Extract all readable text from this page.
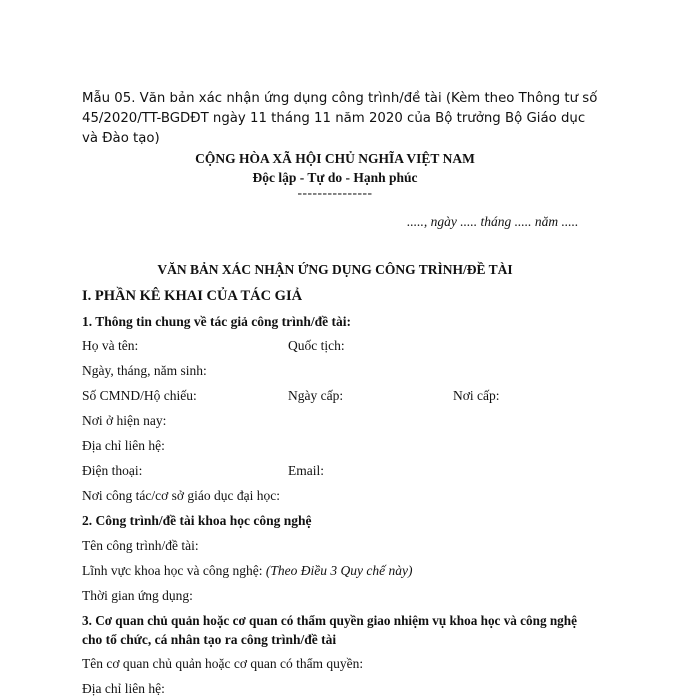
Mẫu 05. Văn bản xác nhận ứng dụng công trình/đề tài (Kèm theo Thông tư số
45/2020/TT-BGDĐT ngày 11 tháng 11 năm 2020 của Bộ trưởng Bộ Giáo dục
và Đào tạo)
CỘNG HÒA XÃ HỘI CHỦ NGHĨA VIỆT NAM
Độc lập - Tự do - Hạnh phúc
---------------
....., ngày ..... tháng ..... năm .....
VĂN BẢN XÁC NHẬN ỨNG DỤNG CÔNG TRÌNH/ĐỀ TÀI
I. PHẦN KÊ KHAI CỦA TÁC GIẢ
1. Thông tin chung về tác giả công trình/đề tài:
Họ và tên:	Quốc tịch:
Ngày, tháng, năm sinh:
Số CMND/Hộ chiếu:	Ngày cấp:	Nơi cấp:
Nơi ở hiện nay:
Địa chỉ liên hệ:
Điện thoại:	Email:
Nơi công tác/cơ sở giáo dục đại học:
2. Công trình/đề tài khoa học công nghệ
Tên công trình/đề tài:
Lĩnh vực khoa học và công nghệ: (Theo Điều 3 Quy chế này)
Thời gian ứng dụng:
3. Cơ quan chủ quản hoặc cơ quan có thẩm quyền giao nhiệm vụ khoa học và công nghệ
cho tổ chức, cá nhân tạo ra công trình/đề tài
Tên cơ quan chủ quản hoặc cơ quan có thẩm quyền:
Địa chỉ liên hệ:
